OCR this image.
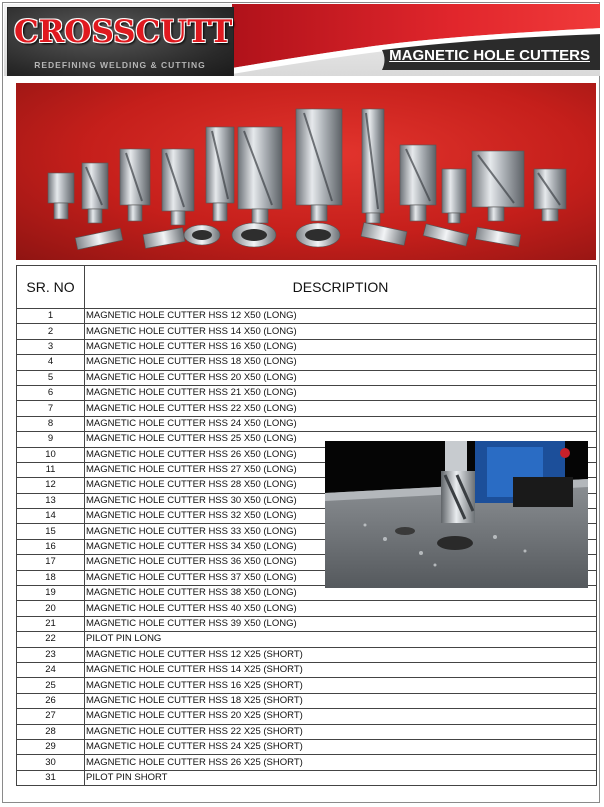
CROSSCUTT
REDEFINING WELDING & CUTTING
MAGNETIC HOLE CUTTERS
SR. NO	DESCRIPTION
1	MAGNETIC HOLE CUTTER HSS 12 X50 (LONG)
2	MAGNETIC HOLE CUTTER HSS 14 X50 (LONG)
3	MAGNETIC HOLE CUTTER HSS 16 X50 (LONG)
4	MAGNETIC HOLE CUTTER HSS 18 X50 (LONG)
5	MAGNETIC HOLE CUTTER HSS 20 X50 (LONG)
6	MAGNETIC HOLE CUTTER HSS 21 X50 (LONG)
7	MAGNETIC HOLE CUTTER HSS 22 X50 (LONG)
8	MAGNETIC HOLE CUTTER HSS 24 X50 (LONG)
9	MAGNETIC HOLE CUTTER HSS 25 X50 (LONG)
10	MAGNETIC HOLE CUTTER HSS 26 X50 (LONG)
11	MAGNETIC HOLE CUTTER HSS 27 X50 (LONG)
12	MAGNETIC HOLE CUTTER HSS 28 X50 (LONG)
13	MAGNETIC HOLE CUTTER HSS 30 X50 (LONG)
14	MAGNETIC HOLE CUTTER HSS 32 X50 (LONG)
15	MAGNETIC HOLE CUTTER HSS 33 X50 (LONG)
16	MAGNETIC HOLE CUTTER HSS 34 X50 (LONG)
17	MAGNETIC HOLE CUTTER HSS 36 X50 (LONG)
18	MAGNETIC HOLE CUTTER HSS 37 X50 (LONG)
19	MAGNETIC HOLE CUTTER HSS 38 X50 (LONG)
20	MAGNETIC HOLE CUTTER HSS 40 X50 (LONG)
21	MAGNETIC HOLE CUTTER HSS 39 X50 (LONG)
22	PILOT PIN LONG
23	MAGNETIC HOLE CUTTER HSS 12 X25 (SHORT)
24	MAGNETIC HOLE CUTTER HSS 14 X25 (SHORT)
25	MAGNETIC HOLE CUTTER HSS 16 X25 (SHORT)
26	MAGNETIC HOLE CUTTER HSS 18 X25 (SHORT)
27	MAGNETIC HOLE CUTTER HSS 20 X25 (SHORT)
28	MAGNETIC HOLE CUTTER HSS 22 X25 (SHORT)
29	MAGNETIC HOLE CUTTER HSS 24 X25 (SHORT)
30	MAGNETIC HOLE CUTTER HSS 26 X25 (SHORT)
31	PILOT PIN SHORT
